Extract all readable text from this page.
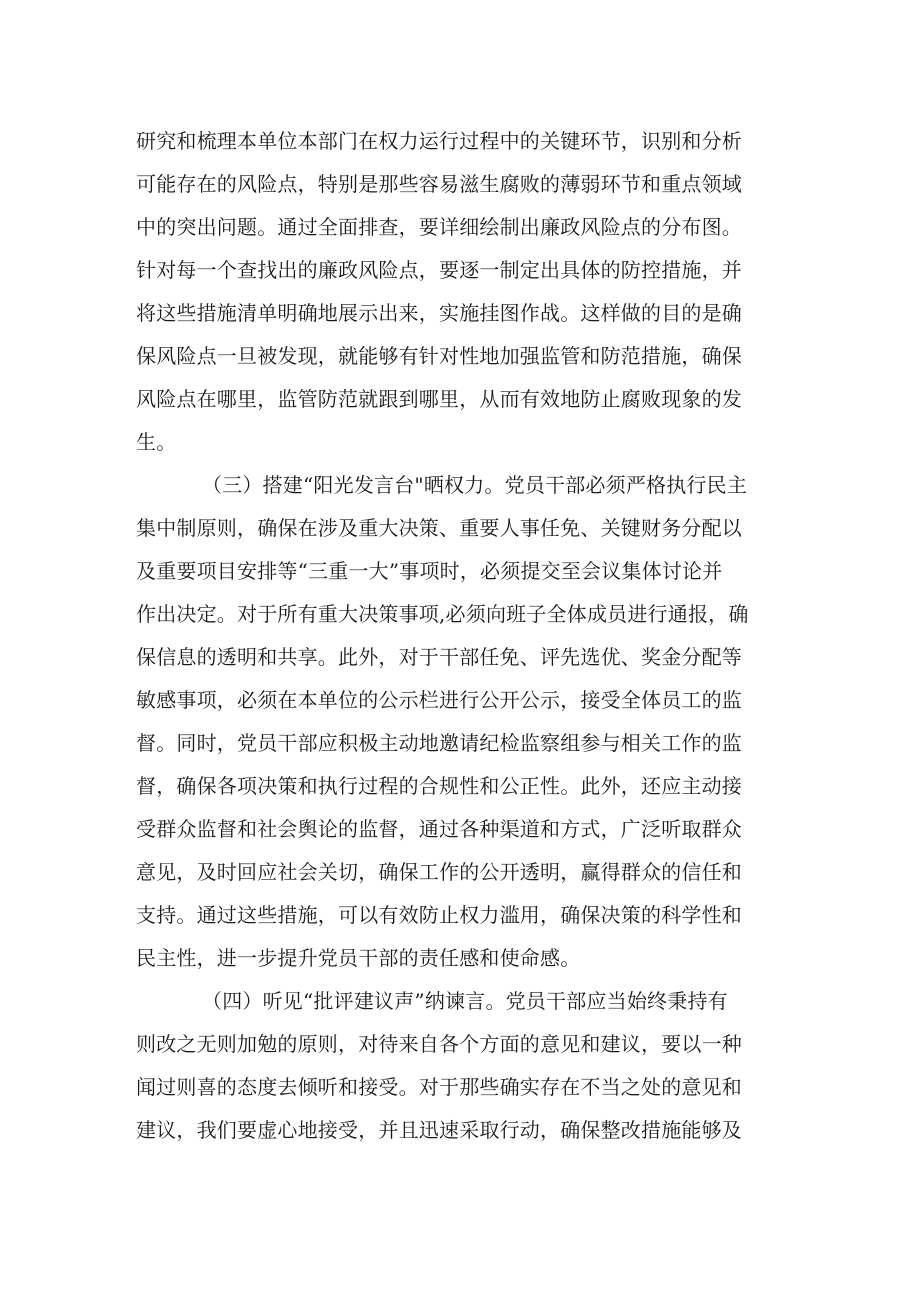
研究和梳理本单位本部门在权力运行过程中的关键环节，识别和分析
可能存在的风险点，特别是那些容易滋生腐败的薄弱环节和重点领域
中的突出问题。通过全面排查，要详细绘制出廉政风险点的分布图。
针对每一个查找出的廉政风险点，要逐一制定出具体的防控措施，并
将这些措施清单明确地展示出来，实施挂图作战。这样做的目的是确
保风险点一旦被发现，就能够有针对性地加强监管和防范措施，确保
风险点在哪里，监管防范就跟到哪里，从而有效地防止腐败现象的发
生。
（三）搭建“阳光发言台"晒权力。党员干部必须严格执行民主
集中制原则，确保在涉及重大决策、重要人事任免、关键财务分配以
及重要项目安排等“三重一大”事项时，必须提交至会议集体讨论并
作出决定。对于所有重大决策事项,必须向班子全体成员进行通报，确
保信息的透明和共享。此外，对于干部任免、评先选优、奖金分配等
敏感事项，必须在本单位的公示栏进行公开公示，接受全体员工的监
督。同时，党员干部应积极主动地邀请纪检监察组参与相关工作的监
督，确保各项决策和执行过程的合规性和公正性。此外，还应主动接
受群众监督和社会舆论的监督，通过各种渠道和方式，广泛听取群众
意见，及时回应社会关切，确保工作的公开透明，赢得群众的信任和
支持。通过这些措施，可以有效防止权力滥用，确保决策的科学性和
民主性，进一步提升党员干部的责任感和使命感。
（四）听见“批评建议声”纳谏言。党员干部应当始终秉持有
则改之无则加勉的原则，对待来自各个方面的意见和建议，要以一种
闻过则喜的态度去倾听和接受。对于那些确实存在不当之处的意见和
建议，我们要虚心地接受，并且迅速采取行动，确保整改措施能够及
